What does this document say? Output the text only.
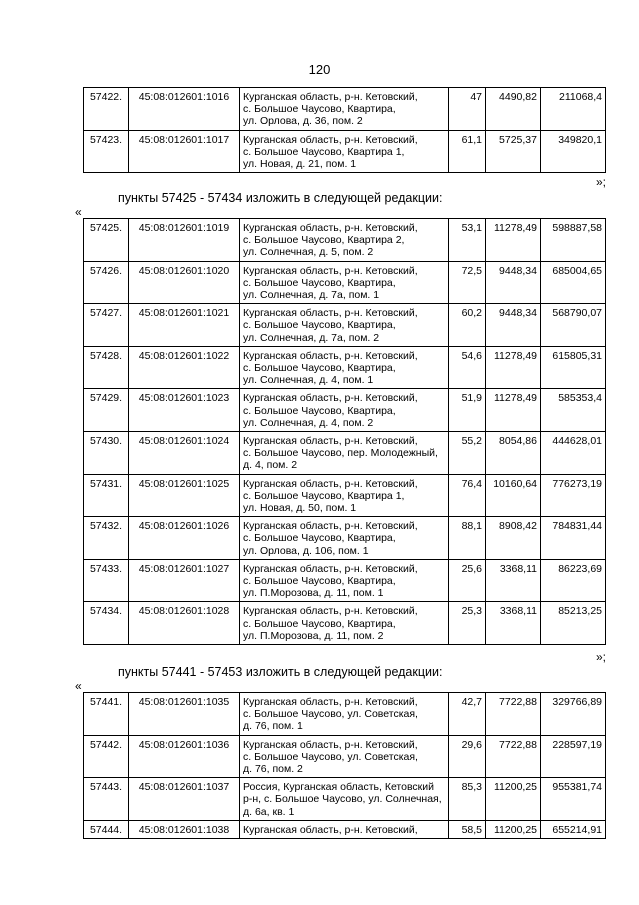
120
57422.	45:08:012601:1016	Курганская область, р-н. Кетовский,
с. Большое Чаусово, Квартира,
ул. Орлова, д. 36, пом. 2	47	4490,82	211068,4
57423.	45:08:012601:1017	Курганская область, р-н. Кетовский,
с. Большое Чаусово, Квартира 1,
ул. Новая, д. 21, пом. 1	61,1	5725,37	349820,1
»;
пункты 57425 - 57434 изложить в следующей редакции:
«
57425.	45:08:012601:1019	Курганская область, р-н. Кетовский,
с. Большое Чаусово, Квартира 2,
ул. Солнечная, д. 5, пом. 2	53,1	11278,49	598887,58
57426.	45:08:012601:1020	Курганская область, р-н. Кетовский,
с. Большое Чаусово, Квартира,
ул. Солнечная, д. 7а, пом. 1	72,5	9448,34	685004,65
57427.	45:08:012601:1021	Курганская область, р-н. Кетовский,
с. Большое Чаусово, Квартира,
ул. Солнечная, д. 7а, пом. 2	60,2	9448,34	568790,07
57428.	45:08:012601:1022	Курганская область, р-н. Кетовский,
с. Большое Чаусово, Квартира,
ул. Солнечная, д. 4, пом. 1	54,6	11278,49	615805,31
57429.	45:08:012601:1023	Курганская область, р-н. Кетовский,
с. Большое Чаусово, Квартира,
ул. Солнечная, д. 4, пом. 2	51,9	11278,49	585353,4
57430.	45:08:012601:1024	Курганская область, р-н. Кетовский,
с. Большое Чаусово, пер. Молодежный,
д. 4, пом. 2	55,2	8054,86	444628,01
57431.	45:08:012601:1025	Курганская область, р-н. Кетовский,
с. Большое Чаусово, Квартира 1,
ул. Новая, д. 50, пом. 1	76,4	10160,64	776273,19
57432.	45:08:012601:1026	Курганская область, р-н. Кетовский,
с. Большое Чаусово, Квартира,
ул. Орлова, д. 106, пом. 1	88,1	8908,42	784831,44
57433.	45:08:012601:1027	Курганская область, р-н. Кетовский,
с. Большое Чаусово, Квартира,
ул. П.Морозова, д. 11, пом. 1	25,6	3368,11	86223,69
57434.	45:08:012601:1028	Курганская область, р-н. Кетовский,
с. Большое Чаусово, Квартира,
ул. П.Морозова, д. 11, пом. 2	25,3	3368,11	85213,25
»;
пункты 57441 - 57453 изложить в следующей редакции:
«
57441.	45:08:012601:1035	Курганская область, р-н. Кетовский,
с. Большое Чаусово, ул. Советская,
д. 76, пом. 1	42,7	7722,88	329766,89
57442.	45:08:012601:1036	Курганская область, р-н. Кетовский,
с. Большое Чаусово, ул. Советская,
д. 76, пом. 2	29,6	7722,88	228597,19
57443.	45:08:012601:1037	Россия, Курганская область, Кетовский
р-н, с. Большое Чаусово, ул. Солнечная,
д. 6а, кв. 1	85,3	11200,25	955381,74
57444.	45:08:012601:1038	Курганская область, р-н. Кетовский,	58,5	11200,25	655214,91
